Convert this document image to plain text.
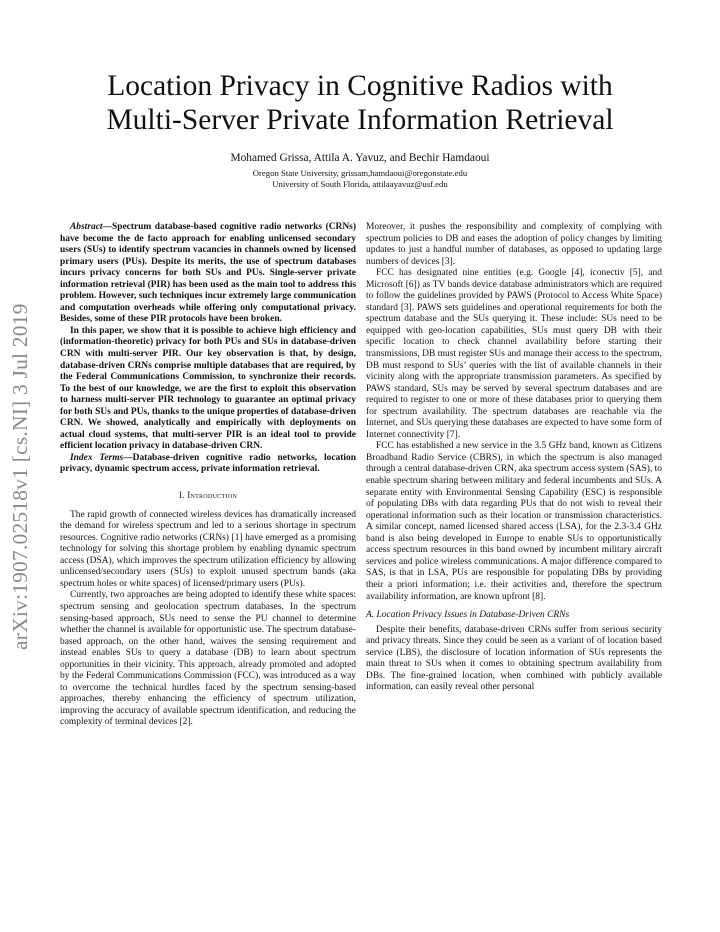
arXiv:1907.02518v1 [cs.NI] 3 Jul 2019
Location Privacy in Cognitive Radios with
Multi-Server Private Information Retrieval
Mohamed Grissa, Attila A. Yavuz, and Bechir Hamdaoui
Oregon State University, grissam,hamdaoui@oregonstate.edu
University of South Florida, attilaayavuz@usf.edu

Abstract—Spectrum database-based cognitive radio networks (CRNs) have become the de facto approach for enabling unlicensed secondary users (SUs) to identify spectrum vacancies in channels owned by licensed primary users (PUs). Despite its merits, the use of spectrum databases incurs privacy concerns for both SUs and PUs. Single-server private information retrieval (PIR) has been used as the main tool to address this problem. However, such techniques incur extremely large communication and computation overheads while offering only computational privacy. Besides, some of these PIR protocols have been broken.

In this paper, we show that it is possible to achieve high efficiency and (information-theoretic) privacy for both PUs and SUs in database-driven CRN with multi-server PIR. Our key observation is that, by design, database-driven CRNs comprise multiple databases that are required, by the Federal Communications Commission, to synchronize their records. To the best of our knowledge, we are the first to exploit this observation to harness multi-server PIR technology to guarantee an optimal privacy for both SUs and PUs, thanks to the unique properties of database-driven CRN. We showed, analytically and empirically with deployments on actual cloud systems, that multi-server PIR is an ideal tool to provide efficient location privacy in database-driven CRN.

Index Terms—Database-driven cognitive radio networks, location privacy, dynamic spectrum access, private information retrieval.

I. Introduction

The rapid growth of connected wireless devices has dramatically increased the demand for wireless spectrum and led to a serious shortage in spectrum resources. Cognitive radio networks (CRNs) [1] have emerged as a promising technology for solving this shortage problem by enabling dynamic spectrum access (DSA), which improves the spectrum utilization efficiency by allowing unlicensed/secondary users (SUs) to exploit unused spectrum bands (aka spectrum holes or white spaces) of licensed/primary users (PUs).

Currently, two approaches are being adopted to identify these white spaces: spectrum sensing and geolocation spectrum databases. In the spectrum sensing-based approach, SUs need to sense the PU channel to determine whether the channel is available for opportunistic use. The spectrum database-based approach, on the other hand, waives the sensing requirement and instead enables SUs to query a database (DB) to learn about spectrum opportunities in their vicinity. This approach, already promoted and adopted by the Federal Communications Commission (FCC), was introduced as a way to overcome the technical hurdles faced by the spectrum sensing-based approaches, thereby enhancing the efficiency of spectrum utilization, improving the accuracy of available spectrum identification, and reducing the complexity of terminal devices [2].

Moreover, it pushes the responsibility and complexity of complying with spectrum policies to DB and eases the adoption of policy changes by limiting updates to just a handful number of databases, as opposed to updating large numbers of devices [3].

FCC has designated nine entities (e.g. Google [4], iconectiv [5], and Microsoft [6]) as TV bands device database administrators which are required to follow the guidelines provided by PAWS (Protocol to Access White Space) standard [3]. PAWS sets guidelines and operational requirements for both the spectrum database and the SUs querying it. These include: SUs need to be equipped with geo-location capabilities, SUs must query DB with their specific location to check channel availability before starting their transmissions, DB must register SUs and manage their access to the spectrum, DB must respond to SUs’ queries with the list of available channels in their vicinity along with the appropriate transmission parameters. As specified by PAWS standard, SUs may be served by several spectrum databases and are required to register to one or more of these databases prior to querying them for spectrum availability. The spectrum databases are reachable via the Internet, and SUs querying these databases are expected to have some form of Internet connectivity [7].

FCC has established a new service in the 3.5 GHz band, known as Citizens Broadband Radio Service (CBRS), in which the spectrum is also managed through a central database-driven CRN, aka spectrum access system (SAS), to enable spectrum sharing between military and federal incumbents and SUs. A separate entity with Environmental Sensing Capability (ESC) is responsible of populating DBs with data regarding PUs that do not wish to reveal their operational information such as their location or transmission characteristics. A similar concept, named licensed shared access (LSA), for the 2.3-3.4 GHz band is also being developed in Europe to enable SUs to opportunistically access spectrum resources in this band owned by incumbent military aircraft services and police wireless communications. A major difference compared to SAS, is that in LSA, PUs are responsible for populating DBs by providing their a priori information; i.e. their activities and, therefore the spectrum availability information, are known upfront [8].

A. Location Privacy Issues in Database-Driven CRNs

Despite their benefits, database-driven CRNs suffer from serious security and privacy threats. Since they could be seen as a variant of of location based service (LBS), the disclosure of location information of SUs represents the main threat to SUs when it comes to obtaining spectrum availability from DBs. The fine-grained location, when combined with publicly available information, can easily reveal other personal
